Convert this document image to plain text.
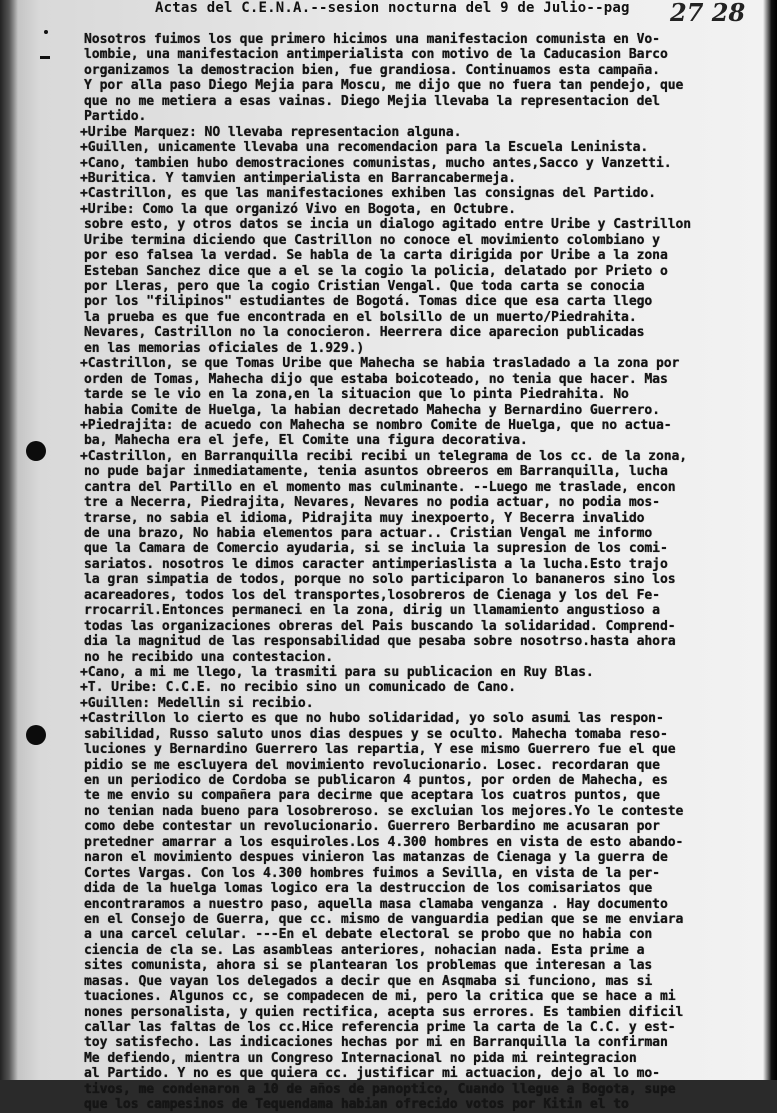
Actas del C.E.N.A.--sesion nocturna del 9 de Julio--pag	27 28
Nosotros fuimos los que primero hicimos una manifestacion comunista en Vo-
lombie, una manifestacion antimperialista con motivo de la Caducasion Barco
organizamos la demostracion bien, fue grandiosa. Continuamos esta campaña.
Y por alla paso Diego Mejia para Moscu, me dijo que no fuera tan pendejo, que
que no me metiera a esas vainas. Diego Mejia llevaba la representacion del
Partido.
+Uribe Marquez: NO llevaba representacion alguna.
+Guillen, unicamente llevaba una recomendacion para la Escuela Leninista.
+Cano, tambien hubo demostraciones comunistas, mucho antes,Sacco y Vanzetti.
+Buritica. Y tamvien antimperialista en Barrancabermeja.
+Castrillon, es que las manifestaciones exhiben las consignas del Partido.
+Uribe: Como la que organizó Vivo en Bogota, en Octubre.
sobre esto, y otros datos se incia un dialogo agitado entre Uribe y Castrillon
Uribe termina diciendo que Castrillon no conoce el movimiento colombiano y
por eso falsea la verdad. Se habla de la carta dirigida por Uribe a la zona
Esteban Sanchez dice que a el se la cogio la policia, delatado por Prieto o
por Lleras, pero que la cogio Cristian Vengal. Que toda carta se conocia
por los "filipinos" estudiantes de Bogotá. Tomas dice que esa carta llego
la prueba es que fue encontrada en el bolsillo de un muerto/Piedrahita.
Nevares, Castrillon no la conocieron. Heerrera dice aparecion publicadas
en las memorias oficiales de 1.929.)
+Castrillon, se que Tomas Uribe que Mahecha se habia trasladado a la zona por
orden de Tomas, Mahecha dijo que estaba boicoteado, no tenia que hacer. Mas
tarde se le vio en la zona,en la situacion que lo pinta Piedrahita. No
habia Comite de Huelga, la habian decretado Mahecha y Bernardino Guerrero.
+Piedrajita: de acuedo con Mahecha se nombro Comite de Huelga, que no actua-
ba, Mahecha era el jefe, El Comite una figura decorativa.
+Castrillon, en Barranquilla recibi recibi un telegrama de los cc. de la zona,
no pude bajar inmediatamente, tenia asuntos obreeros em Barranquilla, lucha
cantra del Partillo en el momento mas culminante. --Luego me traslade, encon
tre a Necerra, Piedrajita, Nevares, Nevares no podia actuar, no podia mos-
trarse, no sabia el idioma, Pidrajita muy inexpoerto, Y Becerra invalido
de una brazo, No habia elementos para actuar.. Cristian Vengal me informo
que la Camara de Comercio ayudaria, si se incluia la supresion de los comi-
sariatos. nosotros le dimos caracter antimperiaslista a la lucha.Esto trajo
la gran simpatia de todos, porque no solo participaron lo bananeros sino los
acareadores, todos los del transportes,losobreros de Cienaga y los del Fe-
rrocarril.Entonces permaneci en la zona, dirig un llamamiento angustioso a
todas las organizaciones obreras del Pais buscando la solidaridad. Comprend-
dia la magnitud de las responsabilidad que pesaba sobre nosotrso.hasta ahora
no he recibido una contestacion.
+Cano, a mi me llego, la trasmiti para su publicacion en Ruy Blas.
+T. Uribe: C.C.E. no recibio sino un comunicado de Cano.
+Guillen: Medellin si recibio.
+Castrillon lo cierto es que no hubo solidaridad, yo solo asumi las respon-
sabilidad, Russo saluto unos dias despues y se oculto. Mahecha tomaba reso-
luciones y Bernardino Guerrero las repartia, Y ese mismo Guerrero fue el que
pidio se me escluyera del movimiento revolucionario. Losec. recordaran que
en un periodico de Cordoba se publicaron 4 puntos, por orden de Mahecha, es
te me envio su compañera para decirme que aceptara los cuatros puntos, que
no tenian nada bueno para losobreroso. se excluian los mejores.Yo le conteste
como debe contestar un revolucionario. Guerrero Berbardino me acusaran por
pretedner amarrar a los esquiroles.Los 4.300 hombres en vista de esto abando-
naron el movimiento despues vinieron las matanzas de Cienaga y la guerra de
Cortes Vargas. Con los 4.300 hombres fuimos a Sevilla, en vista de la per-
dida de la huelga lomas logico era la destruccion de los comisariatos que
encontraramos a nuestro paso, aquella masa clamaba venganza . Hay documento
en el Consejo de Guerra, que cc. mismo de vanguardia pedian que se me enviara
a una carcel celular. ---En el debate electoral se probo que no habia con
ciencia de cla se. Las asambleas anteriores, nohacian nada. Esta prime a
sites comunista, ahora si se plantearan los problemas que interesan a las
masas. Que vayan los delegados a decir que en Asqmaba si funciono, mas si
tuaciones. Algunos cc, se compadecen de mi, pero la critica que se hace a mi
nones personalista, y quien rectifica, acepta sus errores. Es tambien dificil
callar las faltas de los cc.Hice referencia prime la carta de la C.C. y est-
toy satisfecho. Las indicaciones hechas por mi en Barranquilla la confirman
Me defiendo, mientra un Congreso Internacional no pida mi reintegracion
al Partido. Y no es que quiera cc. justificar mi actuacion, dejo al lo mo-
tivos, me condenaron a 10 de años de panoptico, Cuando llegue a Bogota, supe
que los campesinos de Tequendama habian ofrecido votos por Kitin el to
